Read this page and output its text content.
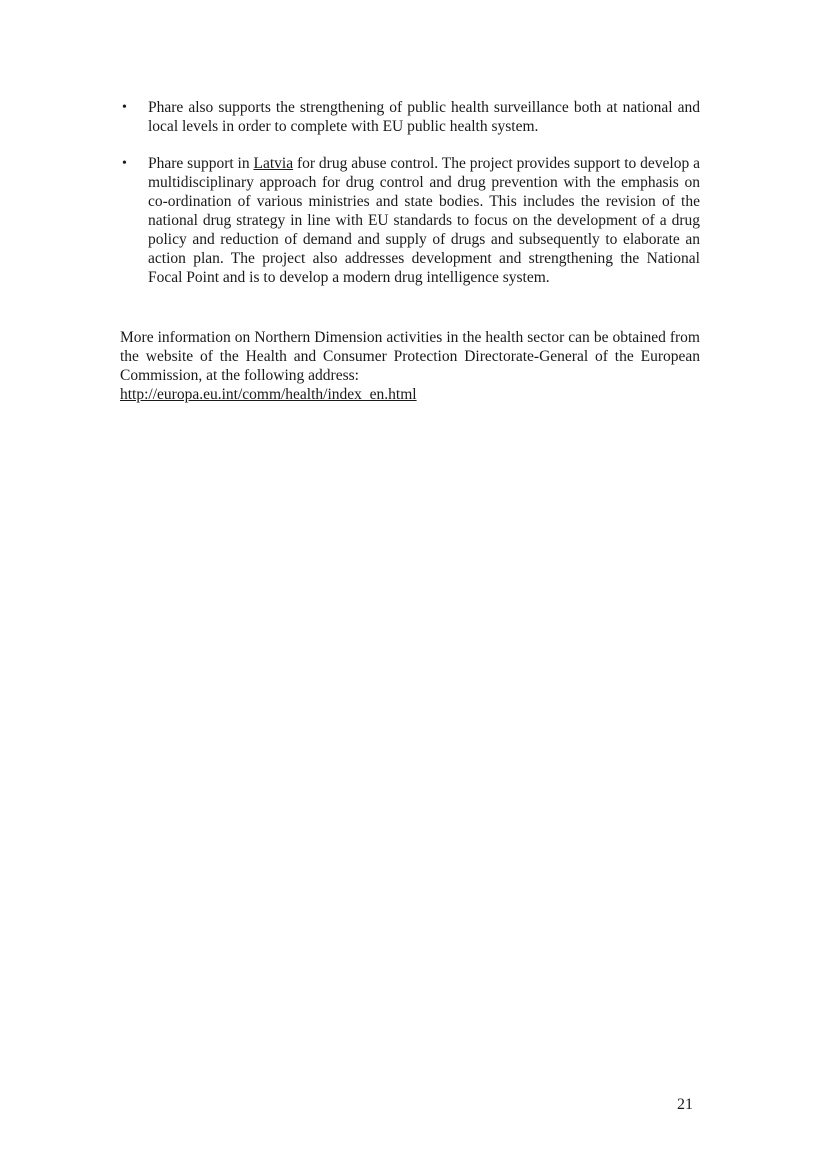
• Phare also supports the strengthening of public health surveillance both at national and local levels in order to complete with EU public health system.
• Phare support in Latvia for drug abuse control. The project provides support to develop a multidisciplinary approach for drug control and drug prevention with the emphasis on co-ordination of various ministries and state bodies. This includes the revision of the national drug strategy in line with EU standards to focus on the development of a drug policy and reduction of demand and supply of drugs and subsequently to elaborate an action plan. The project also addresses development and strengthening the National Focal Point and is to develop a modern drug intelligence system.

More information on Northern Dimension activities in the health sector can be obtained from the website of the Health and Consumer Protection Directorate-General of the European Commission, at the following address:
http://europa.eu.int/comm/health/index_en.html

21
